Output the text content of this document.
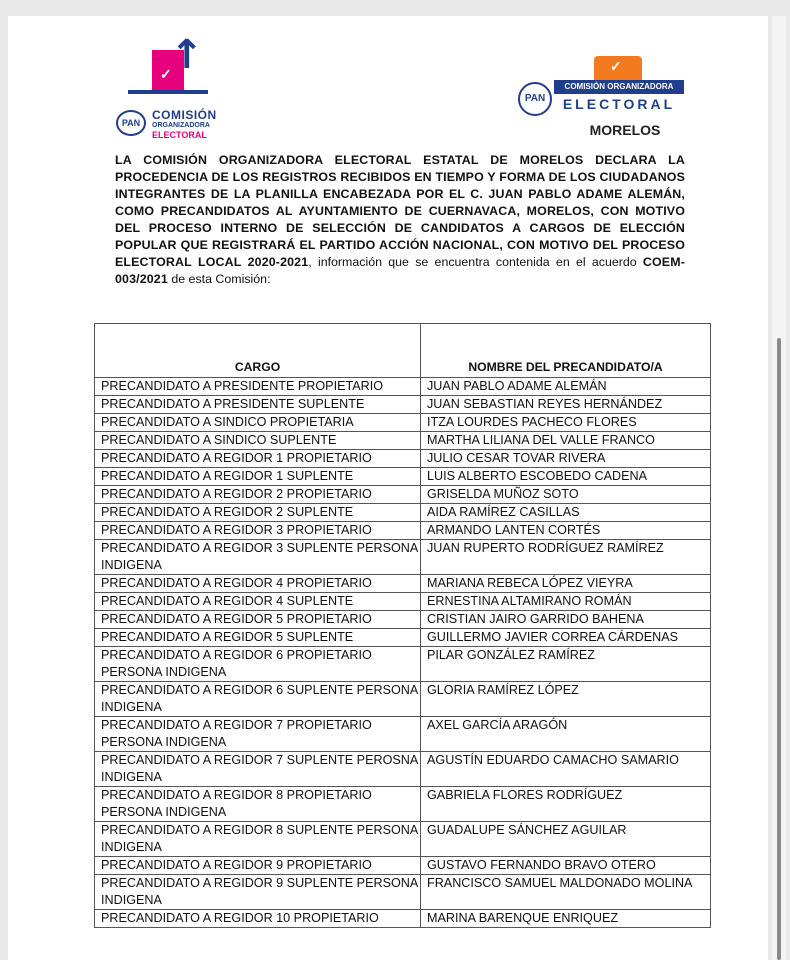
✓
↑
PAN
COMISIÓN
ORGANIZADORA
ELECTORAL
✓
PAN
COMISIÓN ORGANIZADORA
ELECTORAL
MORELOS

LA COMISIÓN ORGANIZADORA ELECTORAL ESTATAL DE MORELOS DECLARA LA PROCEDENCIA DE LOS REGISTROS RECIBIDOS EN TIEMPO Y FORMA DE LOS CIUDADANOS INTEGRANTES DE LA PLANILLA ENCABEZADA POR EL C. JUAN PABLO ADAME ALEMÁN, COMO PRECANDIDATOS AL AYUNTAMIENTO DE CUERNAVACA, MORELOS, CON MOTIVO DEL PROCESO INTERNO DE SELECCIÓN DE CANDIDATOS A CARGOS DE ELECCIÓN POPULAR QUE REGISTRARÁ EL PARTIDO ACCIÓN NACIONAL, CON MOTIVO DEL PROCESO ELECTORAL LOCAL 2020-2021, información que se encuentra contenida en el acuerdo COEM-003/2021 de esta Comisión:

CARGO	NOMBRE DEL PRECANDIDATO/A
PRECANDIDATO A PRESIDENTE PROPIETARIO	JUAN PABLO ADAME ALEMÁN
PRECANDIDATO A PRESIDENTE SUPLENTE	JUAN SEBASTIAN REYES HERNÁNDEZ
PRECANDIDATO A SINDICO PROPIETARIA	ITZA LOURDES PACHECO FLORES
PRECANDIDATO A SINDICO SUPLENTE	MARTHA LILIANA DEL VALLE FRANCO
PRECANDIDATO A REGIDOR 1 PROPIETARIO	JULIO CESAR TOVAR RIVERA
PRECANDIDATO A REGIDOR 1 SUPLENTE	LUIS ALBERTO ESCOBEDO CADENA
PRECANDIDATO A REGIDOR 2 PROPIETARIO	GRISELDA MUÑOZ SOTO
PRECANDIDATO A REGIDOR 2 SUPLENTE	AIDA RAMÍREZ CASILLAS
PRECANDIDATO A REGIDOR 3 PROPIETARIO	ARMANDO LANTEN CORTÉS
PRECANDIDATO A REGIDOR 3 SUPLENTE PERSONA INDIGENA	JUAN RUPERTO RODRÍGUEZ RAMÍREZ
PRECANDIDATO A REGIDOR 4 PROPIETARIO	MARIANA REBECA LÓPEZ VIEYRA
PRECANDIDATO A REGIDOR 4 SUPLENTE	ERNESTINA ALTAMIRANO ROMÁN
PRECANDIDATO A REGIDOR 5 PROPIETARIO	CRISTIAN JAIRO GARRIDO BAHENA
PRECANDIDATO A REGIDOR 5 SUPLENTE	GUILLERMO JAVIER CORREA CÁRDENAS
PRECANDIDATO A REGIDOR 6 PROPIETARIO PERSONA INDIGENA	PILAR GONZÁLEZ RAMÍREZ
PRECANDIDATO A REGIDOR 6 SUPLENTE PERSONA INDIGENA	GLORIA RAMÍREZ LÓPEZ
PRECANDIDATO A REGIDOR 7 PROPIETARIO PERSONA INDIGENA	AXEL GARCÍA ARAGÓN
PRECANDIDATO A REGIDOR 7 SUPLENTE PEROSNA INDIGENA	AGUSTÍN EDUARDO CAMACHO SAMARIO
PRECANDIDATO A REGIDOR 8 PROPIETARIO PERSONA INDIGENA	GABRIELA FLORES RODRÍGUEZ
PRECANDIDATO A REGIDOR 8 SUPLENTE PERSONA INDIGENA	GUADALUPE SÁNCHEZ AGUILAR
PRECANDIDATO A REGIDOR 9 PROPIETARIO	GUSTAVO FERNANDO BRAVO OTERO
PRECANDIDATO A REGIDOR 9 SUPLENTE PERSONA INDIGENA	FRANCISCO SAMUEL MALDONADO MOLINA
PRECANDIDATO A REGIDOR 10 PROPIETARIO	MARINA BARENQUE ENRIQUEZ
